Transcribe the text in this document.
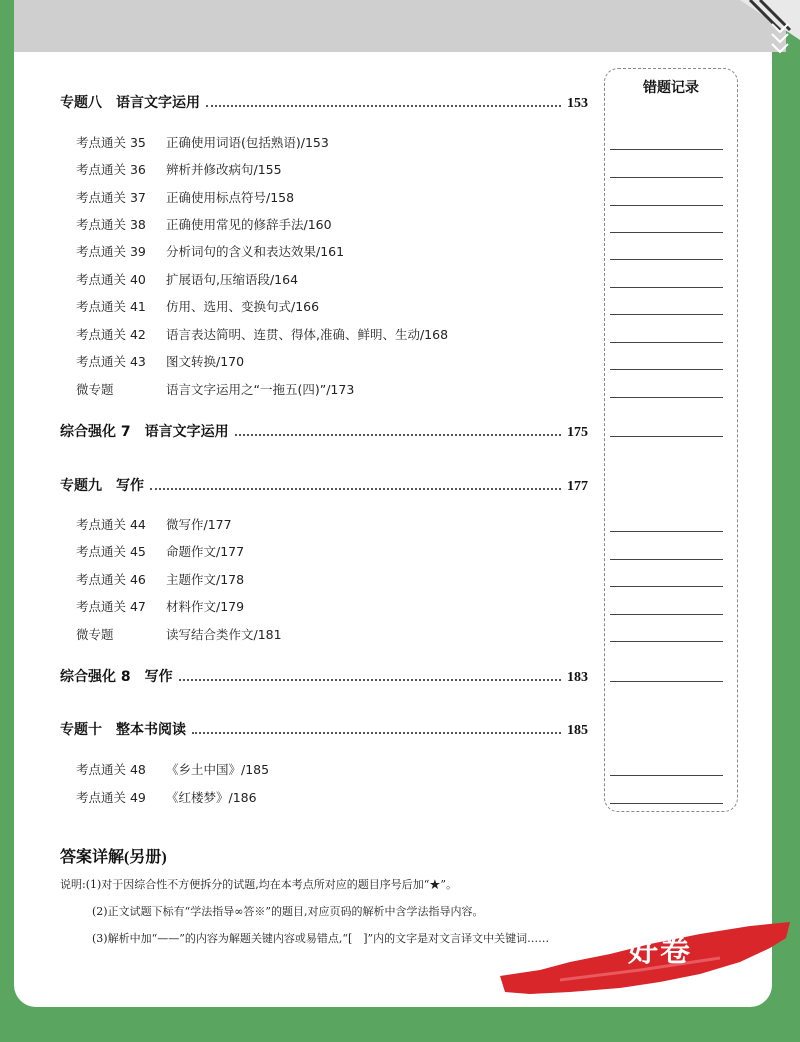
专题八 语言文字运用	153
考点通关 35 正确使用词语(包括熟语)/153
考点通关 36 辨析并修改病句/155
考点通关 37 正确使用标点符号/158
考点通关 38 正确使用常见的修辞手法/160
考点通关 39 分析词句的含义和表达效果/161
考点通关 40 扩展语句,压缩语段/164
考点通关 41 仿用、选用、变换句式/166
考点通关 42 语言表达简明、连贯、得体,准确、鲜明、生动/168
考点通关 43 图文转换/170
微专题	语言文字运用之“一拖五(四)”/173
综合强化 7 语言文字运用	175
专题九 写作	177
考点通关 44 微写作/177
考点通关 45 命题作文/177
考点通关 46 主题作文/178
考点通关 47 材料作文/179
微专题	读写结合类作文/181
综合强化 8 写作	183
专题十 整本书阅读	185
考点通关 48 《乡土中国》/185
考点通关 49 《红楼梦》/186
错题记录
答案详解(另册)
说明:(1)对于因综合性不方便拆分的试题,均在本考点所对应的题目序号后加“★”。
(2)正文试题下标有“学法指导∞答※”的题目,对应页码的解析中含学法指导内容。
(3)解析中加“——”的内容为解题关键内容或易错点,“[　]”内的文字是对文言译文中关键词……	好卷
